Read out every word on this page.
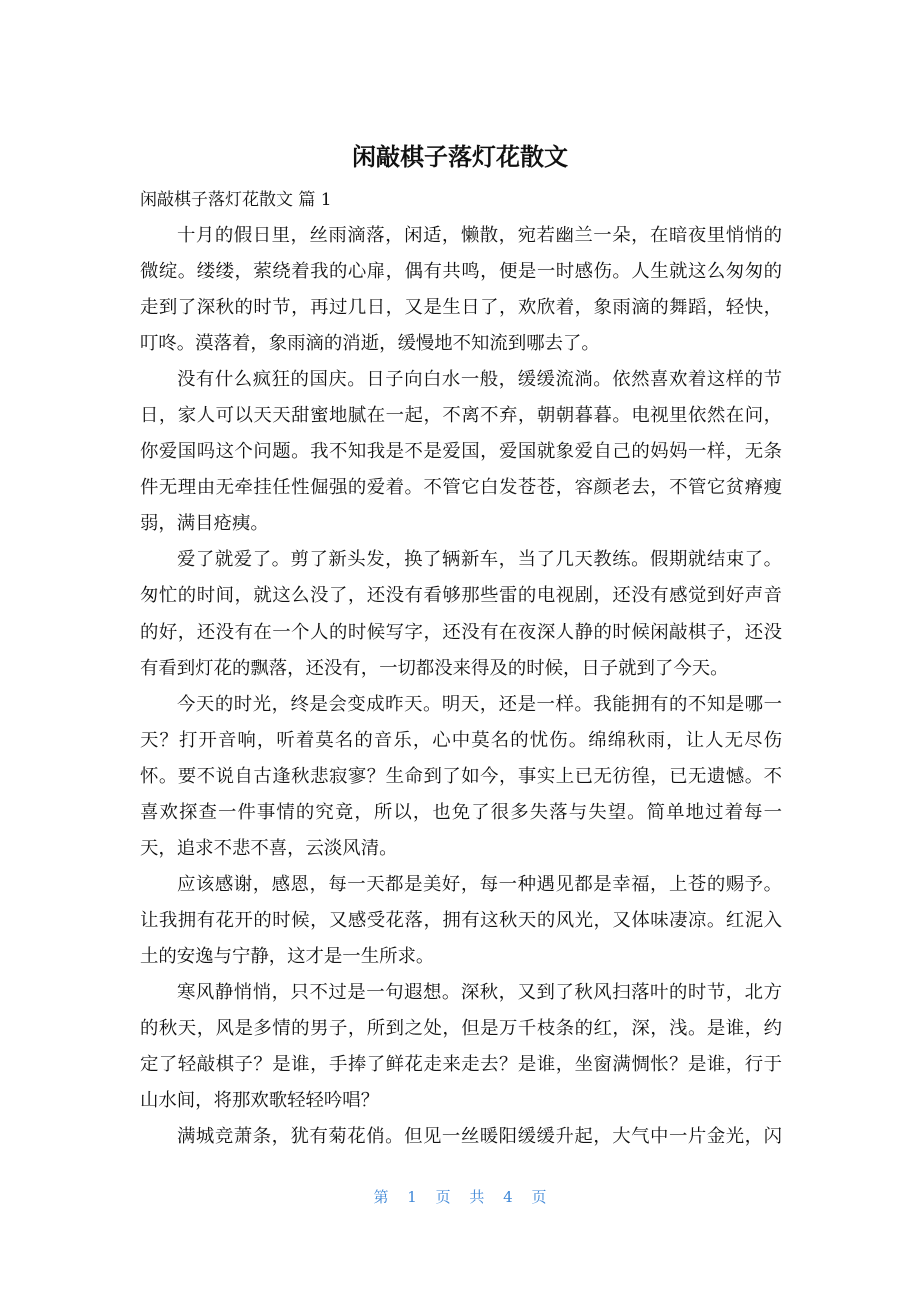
闲敲棋子落灯花散文
闲敲棋子落灯花散文 篇 1
十月的假日里，丝雨滴落，闲适，懒散，宛若幽兰一朵，在暗夜里悄悄的
微绽。缕缕，萦绕着我的心扉，偶有共鸣，便是一时感伤。人生就这么匆匆的
走到了深秋的时节，再过几日，又是生日了，欢欣着，象雨滴的舞蹈，轻快，
叮咚。漠落着，象雨滴的消逝，缓慢地不知流到哪去了。
没有什么疯狂的国庆。日子向白水一般，缓缓流淌。依然喜欢着这样的节
日，家人可以天天甜蜜地腻在一起，不离不弃，朝朝暮暮。电视里依然在问，
你爱国吗这个问题。我不知我是不是爱国，爱国就象爱自己的妈妈一样，无条
件无理由无牵挂任性倔强的爱着。不管它白发苍苍，容颜老去，不管它贫瘠瘦
弱，满目疮痍。
爱了就爱了。剪了新头发，换了辆新车，当了几天教练。假期就结束了。
匆忙的时间，就这么没了，还没有看够那些雷的电视剧，还没有感觉到好声音
的好，还没有在一个人的时候写字，还没有在夜深人静的时候闲敲棋子，还没
有看到灯花的飘落，还没有，一切都没来得及的时候，日子就到了今天。
今天的时光，终是会变成昨天。明天，还是一样。我能拥有的不知是哪一
天？打开音响，听着莫名的音乐，心中莫名的忧伤。绵绵秋雨，让人无尽伤
怀。要不说自古逢秋悲寂寥？生命到了如今，事实上已无彷徨，已无遗憾。不
喜欢探查一件事情的究竟，所以，也免了很多失落与失望。简单地过着每一
天，追求不悲不喜，云淡风清。
应该感谢，感恩，每一天都是美好，每一种遇见都是幸福，上苍的赐予。
让我拥有花开的时候，又感受花落，拥有这秋天的风光，又体味凄凉。红泥入
土的安逸与宁静，这才是一生所求。
寒风静悄悄，只不过是一句遐想。深秋，又到了秋风扫落叶的时节，北方
的秋天，风是多情的男子，所到之处，但是万千枝条的红，深，浅。是谁，约
定了轻敲棋子？是谁，手捧了鲜花走来走去？是谁，坐窗满惆怅？是谁，行于
山水间，将那欢歌轻轻吟唱？
满城竞萧条，犹有菊花俏。但见一丝暖阳缓缓升起，大气中一片金光，闪
第 1 页 共 4 页
